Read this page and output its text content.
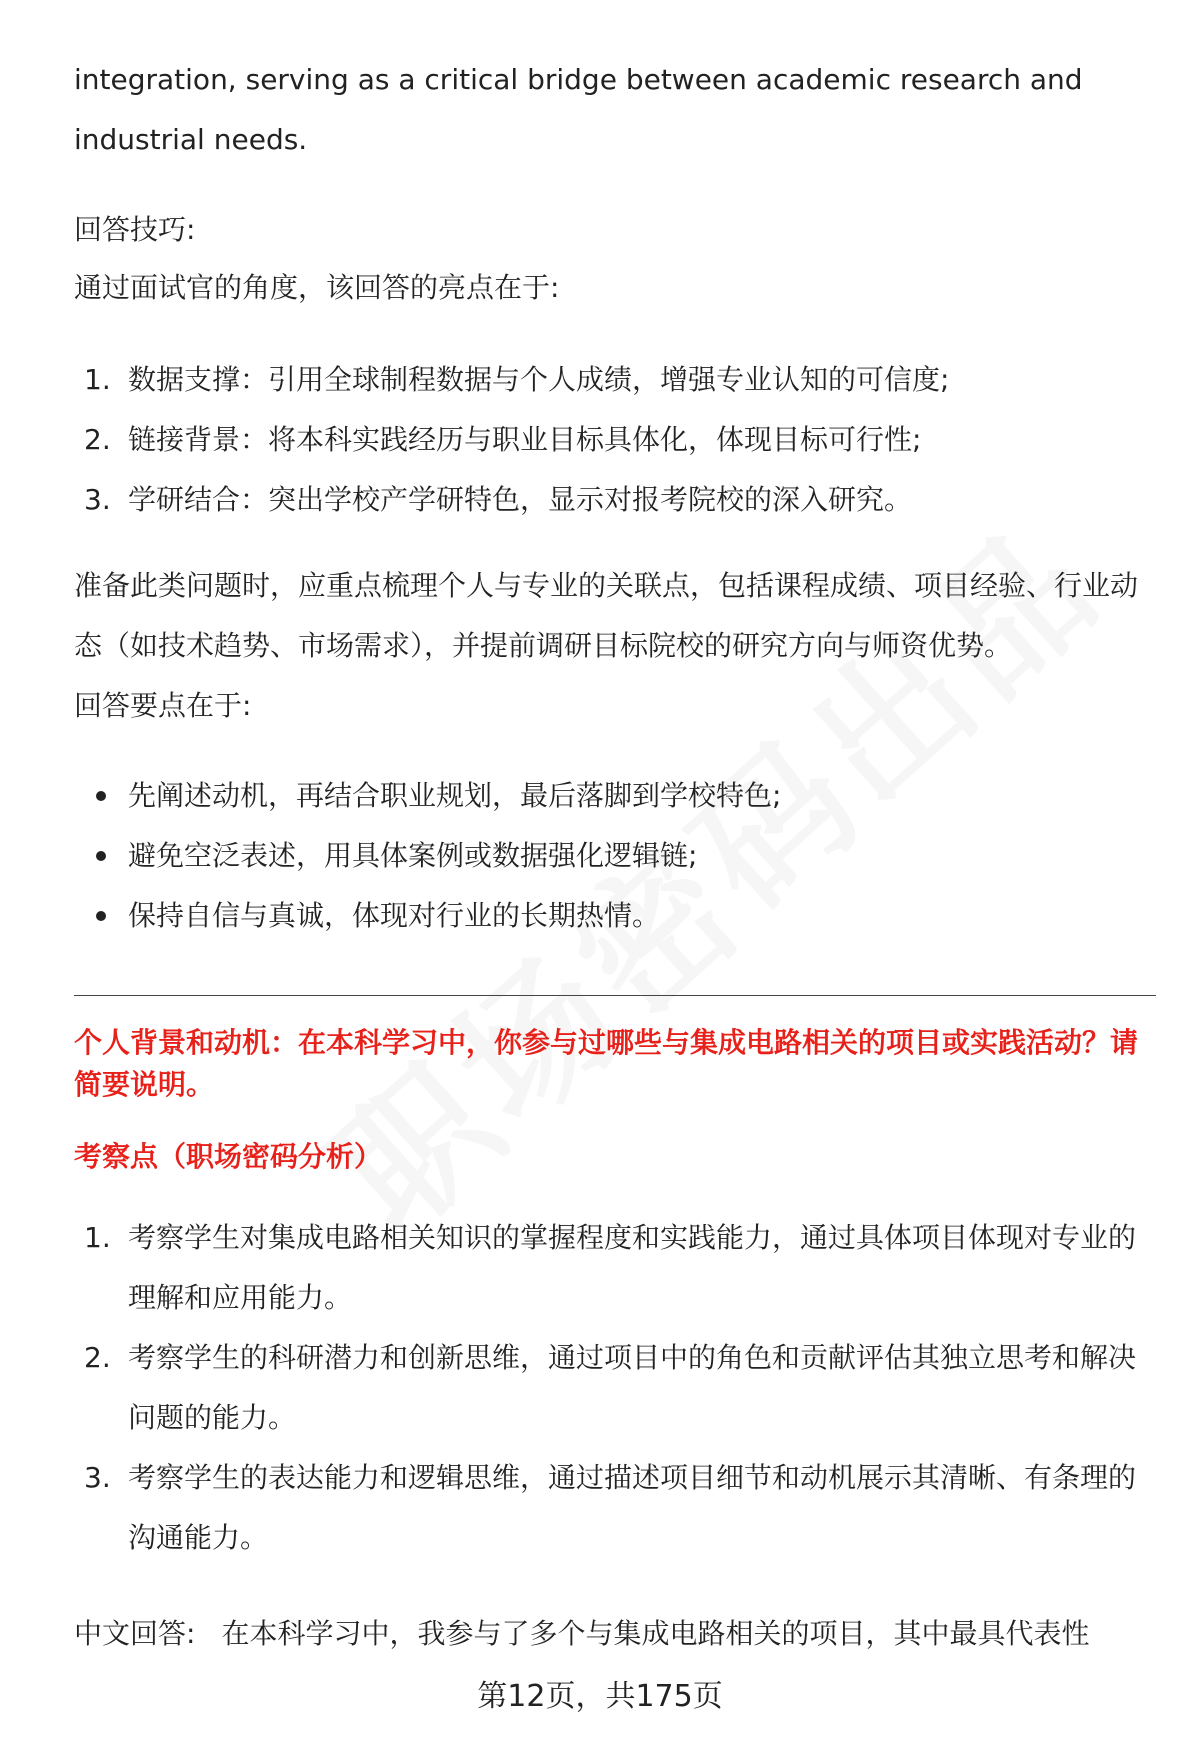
integration, serving as a critical bridge between academic research and industrial needs.

回答技巧:

通过面试官的角度，该回答的亮点在于:

1. 数据支撑：引用全球制程数据与个人成绩，增强专业认知的可信度;
2. 链接背景：将本科实践经历与职业目标具体化，体现目标可行性;
3. 学研结合：突出学校产学研特色，显示对报考院校的深入研究。

准备此类问题时，应重点梳理个人与专业的关联点，包括课程成绩、项目经验、行业动态（如技术趋势、市场需求），并提前调研目标院校的研究方向与师资优势。

回答要点在于:

先阐述动机，再结合职业规划，最后落脚到学校特色;
避免空泛表述，用具体案例或数据强化逻辑链;
保持自信与真诚，体现对行业的长期热情。

个人背景和动机：在本科学习中，你参与过哪些与集成电路相关的项目或实践活动？请简要说明。

考察点（职场密码分析）

1. 考察学生对集成电路相关知识的掌握程度和实践能力，通过具体项目体现对专业的理解和应用能力。
2. 考察学生的科研潜力和创新思维，通过项目中的角色和贡献评估其独立思考和解决问题的能力。
3. 考察学生的表达能力和逻辑思维，通过描述项目细节和动机展示其清晰、有条理的沟通能力。

中文回答: 在本科学习中，我参与了多个与集成电路相关的项目，其中最具代表性

第12页，共175页
